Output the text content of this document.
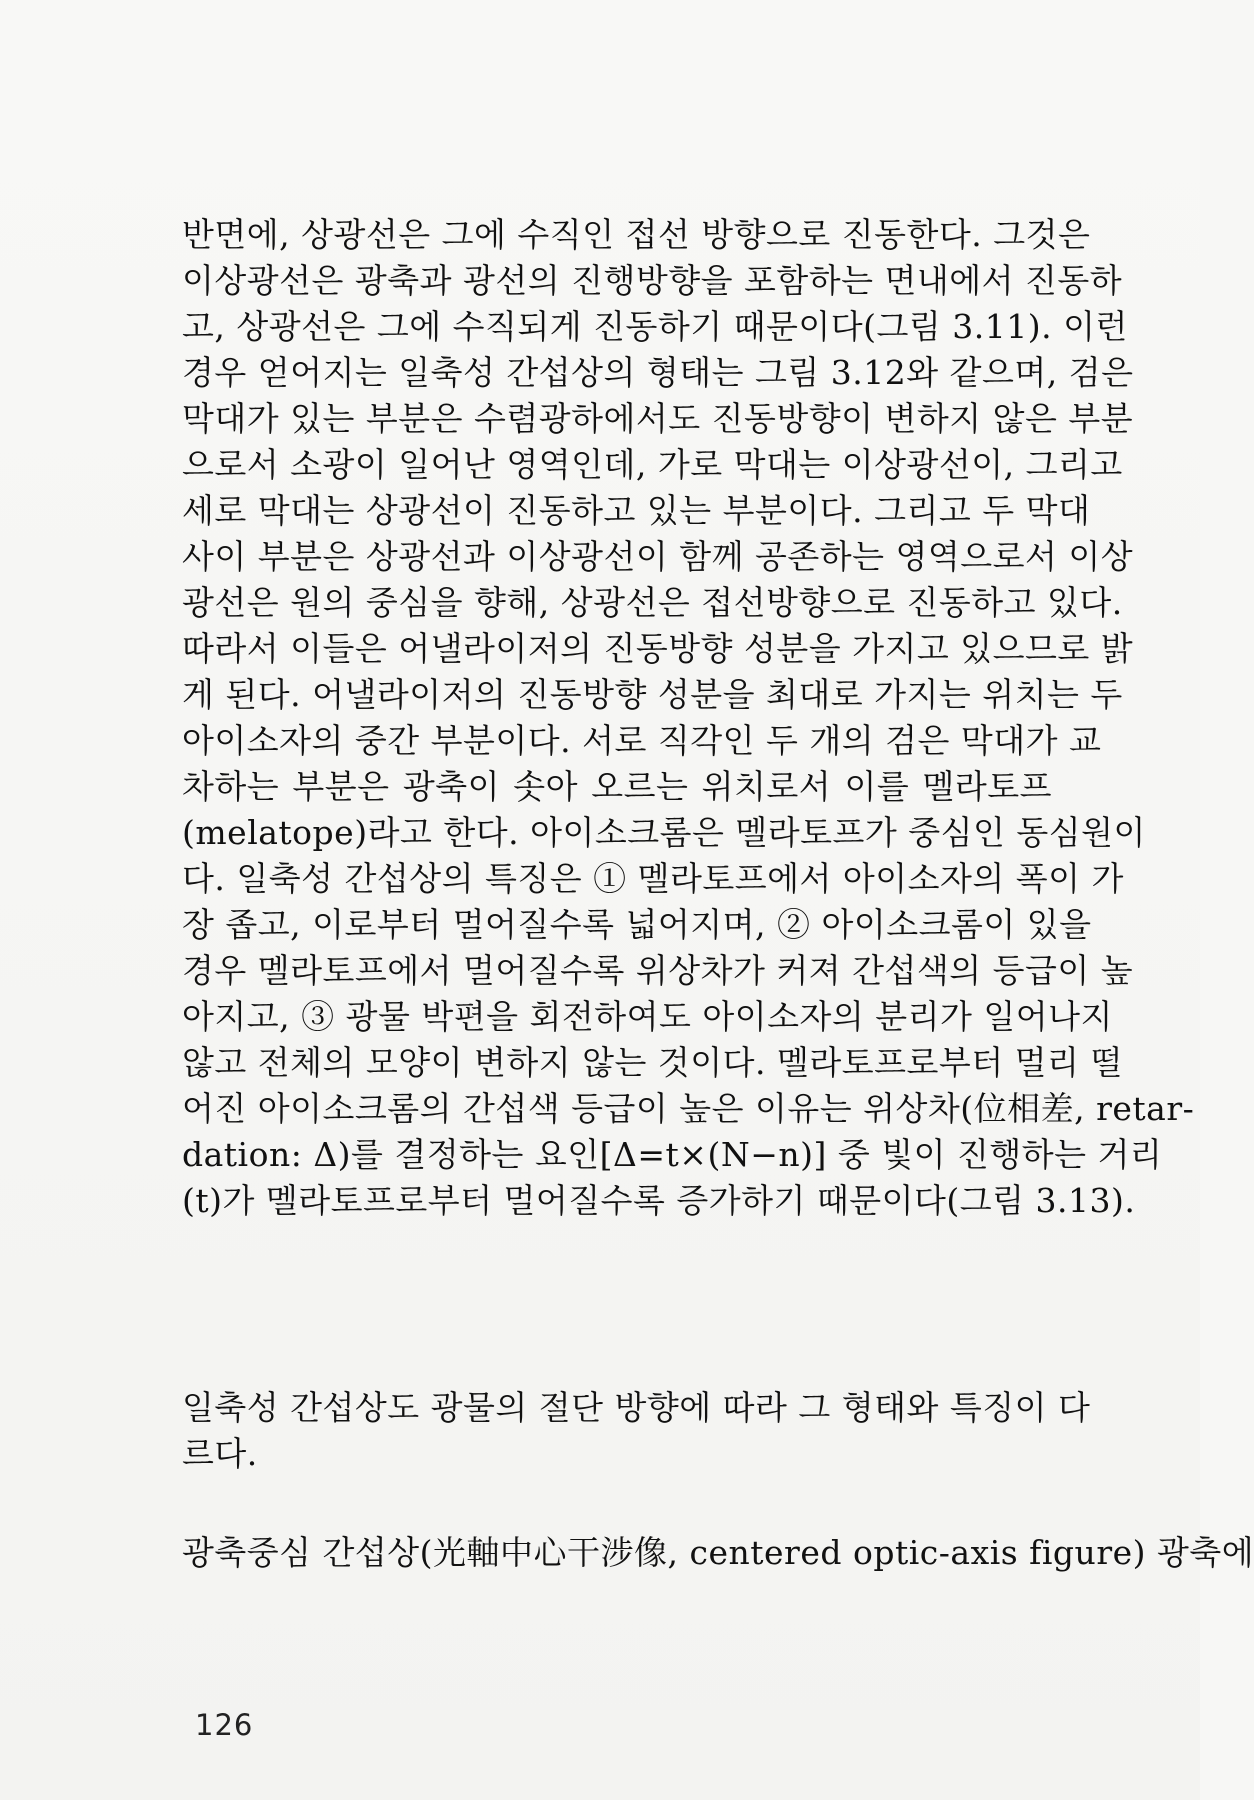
반면에, 상광선은 그에 수직인 접선 방향으로 진동한다. 그것은
이상광선은 광축과 광선의 진행방향을 포함하는 면내에서 진동하
고, 상광선은 그에 수직되게 진동하기 때문이다(그림 3.11). 이런
경우 얻어지는 일축성 간섭상의 형태는 그림 3.12와 같으며, 검은
막대가 있는 부분은 수렴광하에서도 진동방향이 변하지 않은 부분
으로서 소광이 일어난 영역인데, 가로 막대는 이상광선이, 그리고
세로 막대는 상광선이 진동하고 있는 부분이다. 그리고 두 막대
사이 부분은 상광선과 이상광선이 함께 공존하는 영역으로서 이상
광선은 원의 중심을 향해, 상광선은 접선방향으로 진동하고 있다.
따라서 이들은 어낼라이저의 진동방향 성분을 가지고 있으므로 밝
게 된다. 어낼라이저의 진동방향 성분을 최대로 가지는 위치는 두
아이소자의 중간 부분이다. 서로 직각인 두 개의 검은 막대가 교
차하는 부분은 광축이 솟아 오르는 위치로서 이를 멜라토프
(melatope)라고 한다. 아이소크롬은 멜라토프가 중심인 동심원이
다. 일축성 간섭상의 특징은 ① 멜라토프에서 아이소자의 폭이 가
장 좁고, 이로부터 멀어질수록 넓어지며, ② 아이소크롬이 있을
경우 멜라토프에서 멀어질수록 위상차가 커져 간섭색의 등급이 높
아지고, ③ 광물 박편을 회전하여도 아이소자의 분리가 일어나지
않고 전체의 모양이 변하지 않는 것이다. 멜라토프로부터 멀리 떨
어진 아이소크롬의 간섭색 등급이 높은 이유는 위상차(位相差, retar-
dation: Δ)를 결정하는 요인[Δ=t×(N−n)] 중 빛이 진행하는 거리
(t)가 멜라토프로부터 멀어질수록 증가하기 때문이다(그림 3.13).
일축성 간섭상도 광물의 절단 방향에 따라 그 형태와 특징이 다
르다.
광축중심 간섭상(光軸中心干涉像, centered optic-axis figure) 광축에
126
